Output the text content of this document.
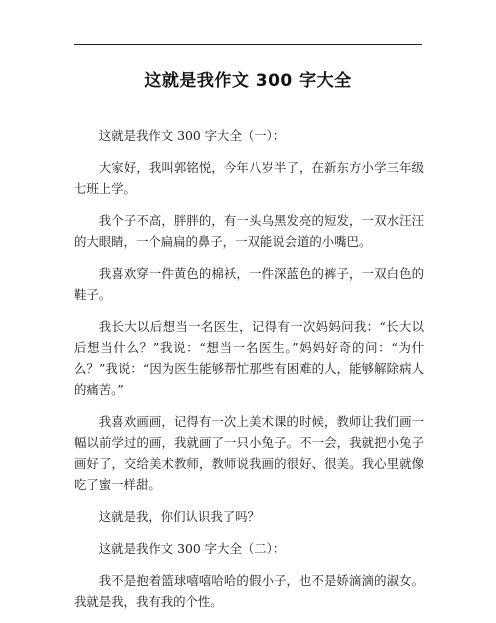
这就是我作文 300 字大全

这就是我作文 300 字大全（一）：

大家好，我叫郭铭悦，今年八岁半了，在新东方小学三年级七班上学。

我个子不高，胖胖的，有一头乌黑发亮的短发，一双水汪汪的大眼睛，一个扁扁的鼻子，一双能说会道的小嘴巴。

我喜欢穿一件黄色的棉袄，一件深蓝色的裤子，一双白色的鞋子。

我长大以后想当一名医生，记得有一次妈妈问我：“长大以后想当什么？”我说：“想当一名医生。”妈妈好奇的问：“为什么？”我说：“因为医生能够帮忙那些有困难的人，能够解除病人的痛苦。”

我喜欢画画，记得有一次上美术课的时候，教师让我们画一幅以前学过的画，我就画了一只小兔子。不一会，我就把小兔子画好了，交给美术教师，教师说我画的很好、很美。我心里就像吃了蜜一样甜。

这就是我，你们认识我了吗？

这就是我作文 300 字大全（二）：

我不是抱着篮球嘻嘻哈哈的假小子，也不是娇滴滴的淑女。我就是我，我有我的个性。
